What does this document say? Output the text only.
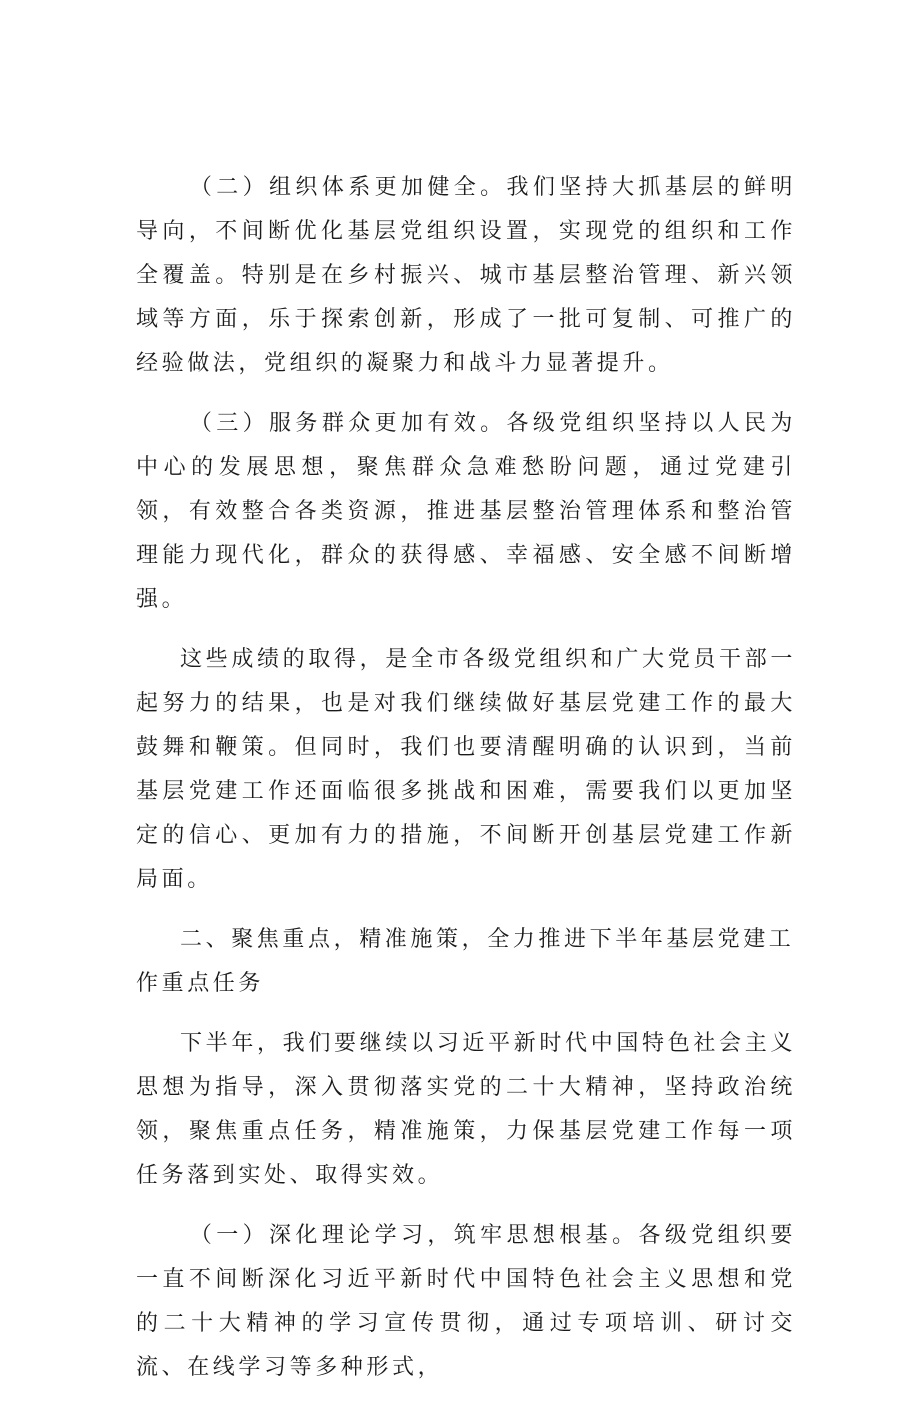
（二）组织体系更加健全。我们坚持大抓基层的鲜明导向，不间断优化基层党组织设置，实现党的组织和工作全覆盖。特别是在乡村振兴、城市基层整治管理、新兴领域等方面，乐于探索创新，形成了一批可复制、可推广的经验做法，党组织的凝聚力和战斗力显著提升。

（三）服务群众更加有效。各级党组织坚持以人民为中心的发展思想，聚焦群众急难愁盼问题，通过党建引领，有效整合各类资源，推进基层整治管理体系和整治管理能力现代化，群众的获得感、幸福感、安全感不间断增强。

这些成绩的取得，是全市各级党组织和广大党员干部一起努力的结果，也是对我们继续做好基层党建工作的最大鼓舞和鞭策。但同时，我们也要清醒明确的认识到，当前基层党建工作还面临很多挑战和困难，需要我们以更加坚定的信心、更加有力的措施，不间断开创基层党建工作新局面。

二、聚焦重点，精准施策，全力推进下半年基层党建工作重点任务

下半年，我们要继续以习近平新时代中国特色社会主义思想为指导，深入贯彻落实党的二十大精神，坚持政治统领，聚焦重点任务，精准施策，力保基层党建工作每一项任务落到实处、取得实效。

（一）深化理论学习，筑牢思想根基。各级党组织要一直不间断深化习近平新时代中国特色社会主义思想和党的二十大精神的学习宣传贯彻，通过专项培训、研讨交流、在线学习等多种形式，
